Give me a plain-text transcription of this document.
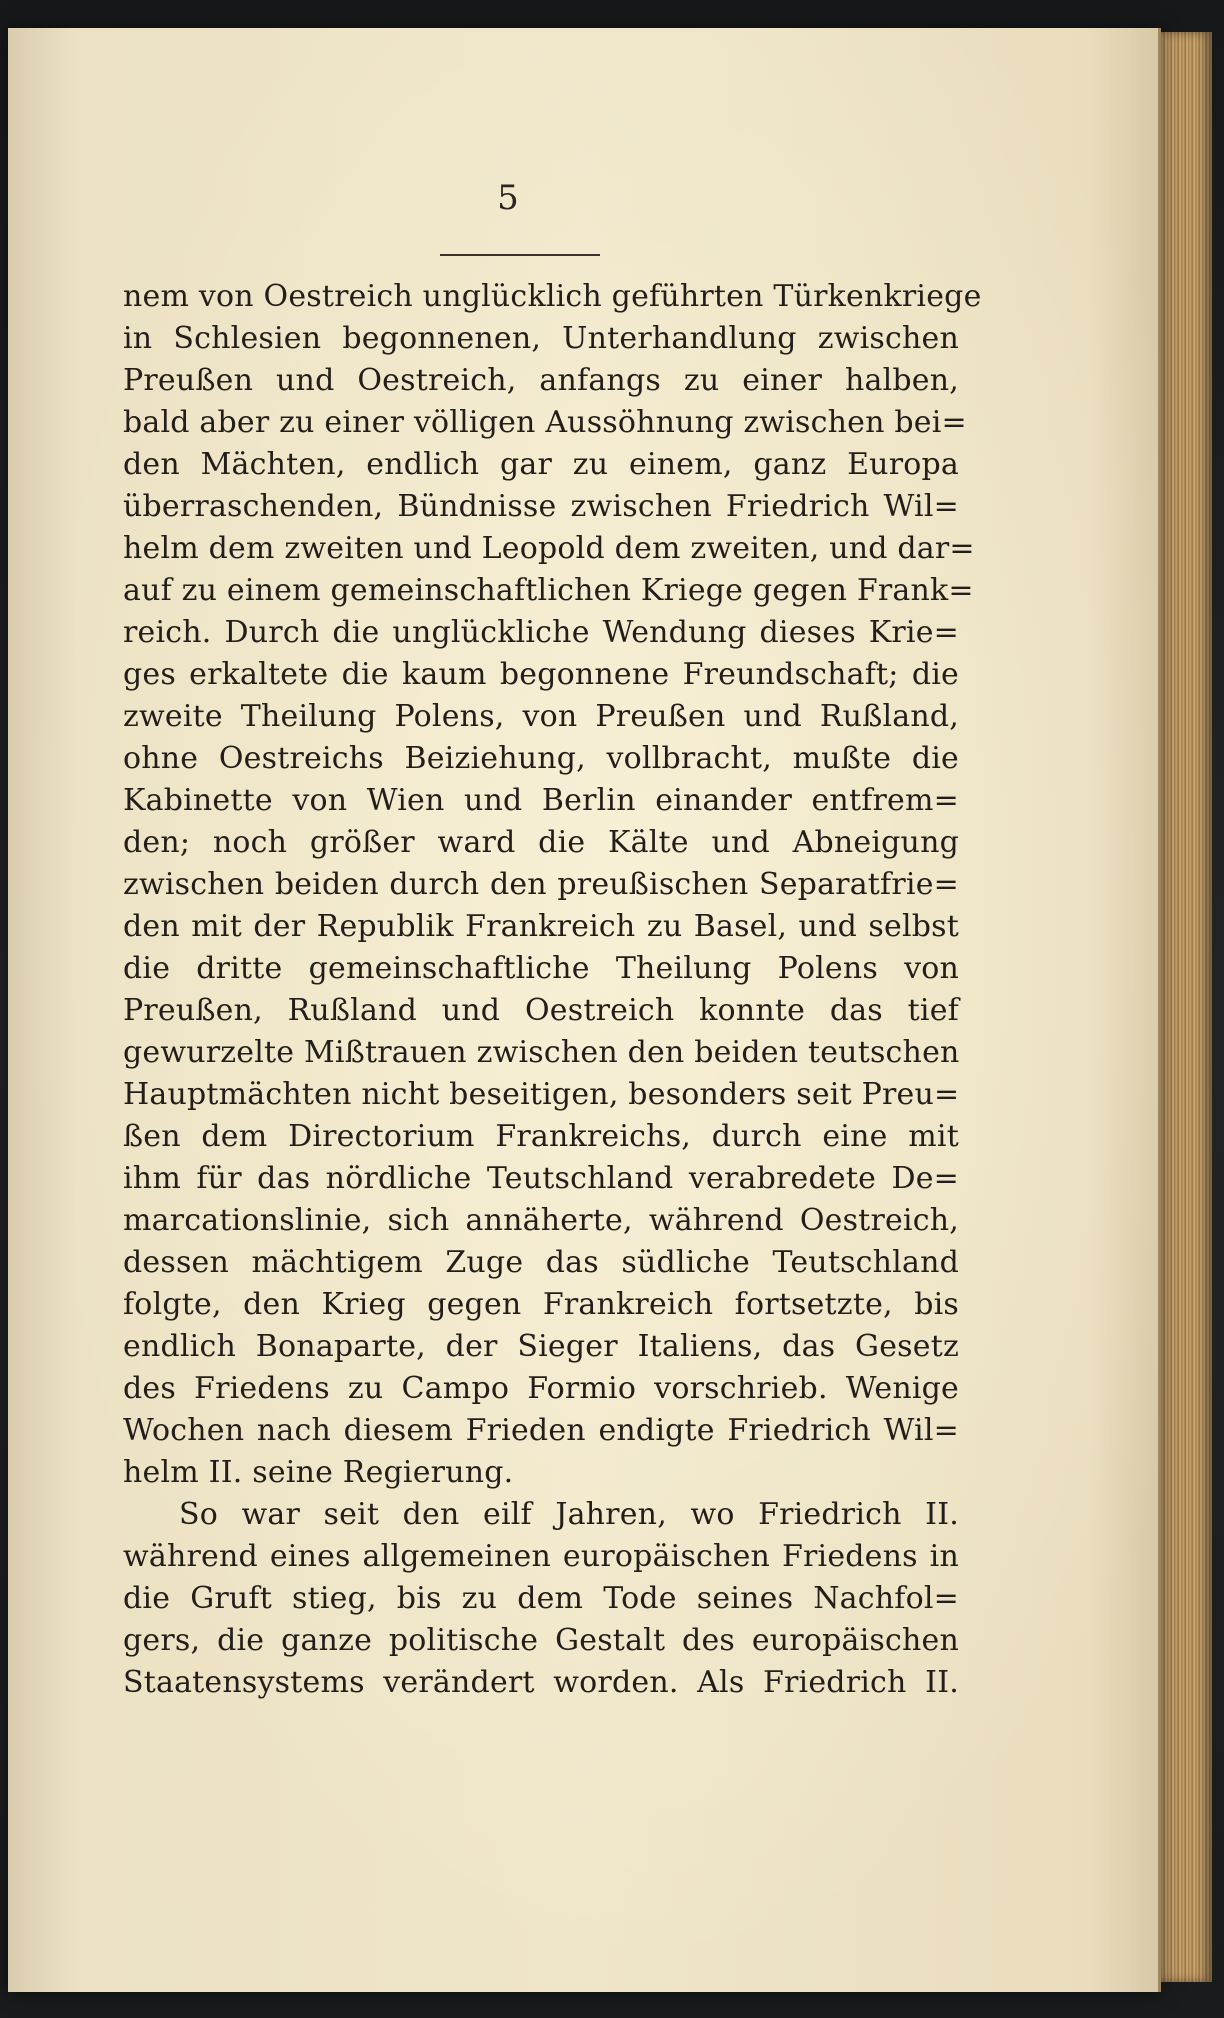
5
nem von Oestreich unglücklich geführten Türkenkriege
in Schlesien begonnenen, Unterhandlung zwischen
Preußen und Oestreich, anfangs zu einer halben,
bald aber zu einer völligen Aussöhnung zwischen bei=
den Mächten, endlich gar zu einem, ganz Europa
überraschenden, Bündnisse zwischen Friedrich Wil=
helm dem zweiten und Leopold dem zweiten, und dar=
auf zu einem gemeinschaftlichen Kriege gegen Frank=
reich. Durch die unglückliche Wendung dieses Krie=
ges erkaltete die kaum begonnene Freundschaft; die
zweite Theilung Polens, von Preußen und Rußland,
ohne Oestreichs Beiziehung, vollbracht, mußte die
Kabinette von Wien und Berlin einander entfrem=
den; noch größer ward die Kälte und Abneigung
zwischen beiden durch den preußischen Separatfrie=
den mit der Republik Frankreich zu Basel, und selbst
die dritte gemeinschaftliche Theilung Polens von
Preußen, Rußland und Oestreich konnte das tief
gewurzelte Mißtrauen zwischen den beiden teutschen
Hauptmächten nicht beseitigen, besonders seit Preu=
ßen dem Directorium Frankreichs, durch eine mit
ihm für das nördliche Teutschland verabredete De=
marcationslinie, sich annäherte, während Oestreich,
dessen mächtigem Zuge das südliche Teutschland
folgte, den Krieg gegen Frankreich fortsetzte, bis
endlich Bonaparte, der Sieger Italiens, das Gesetz
des Friedens zu Campo Formio vorschrieb. Wenige
Wochen nach diesem Frieden endigte Friedrich Wil=
helm II. seine Regierung.
So war seit den eilf Jahren, wo Friedrich II.
während eines allgemeinen europäischen Friedens in
die Gruft stieg, bis zu dem Tode seines Nachfol=
gers, die ganze politische Gestalt des europäischen
Staatensystems verändert worden. Als Friedrich II.
